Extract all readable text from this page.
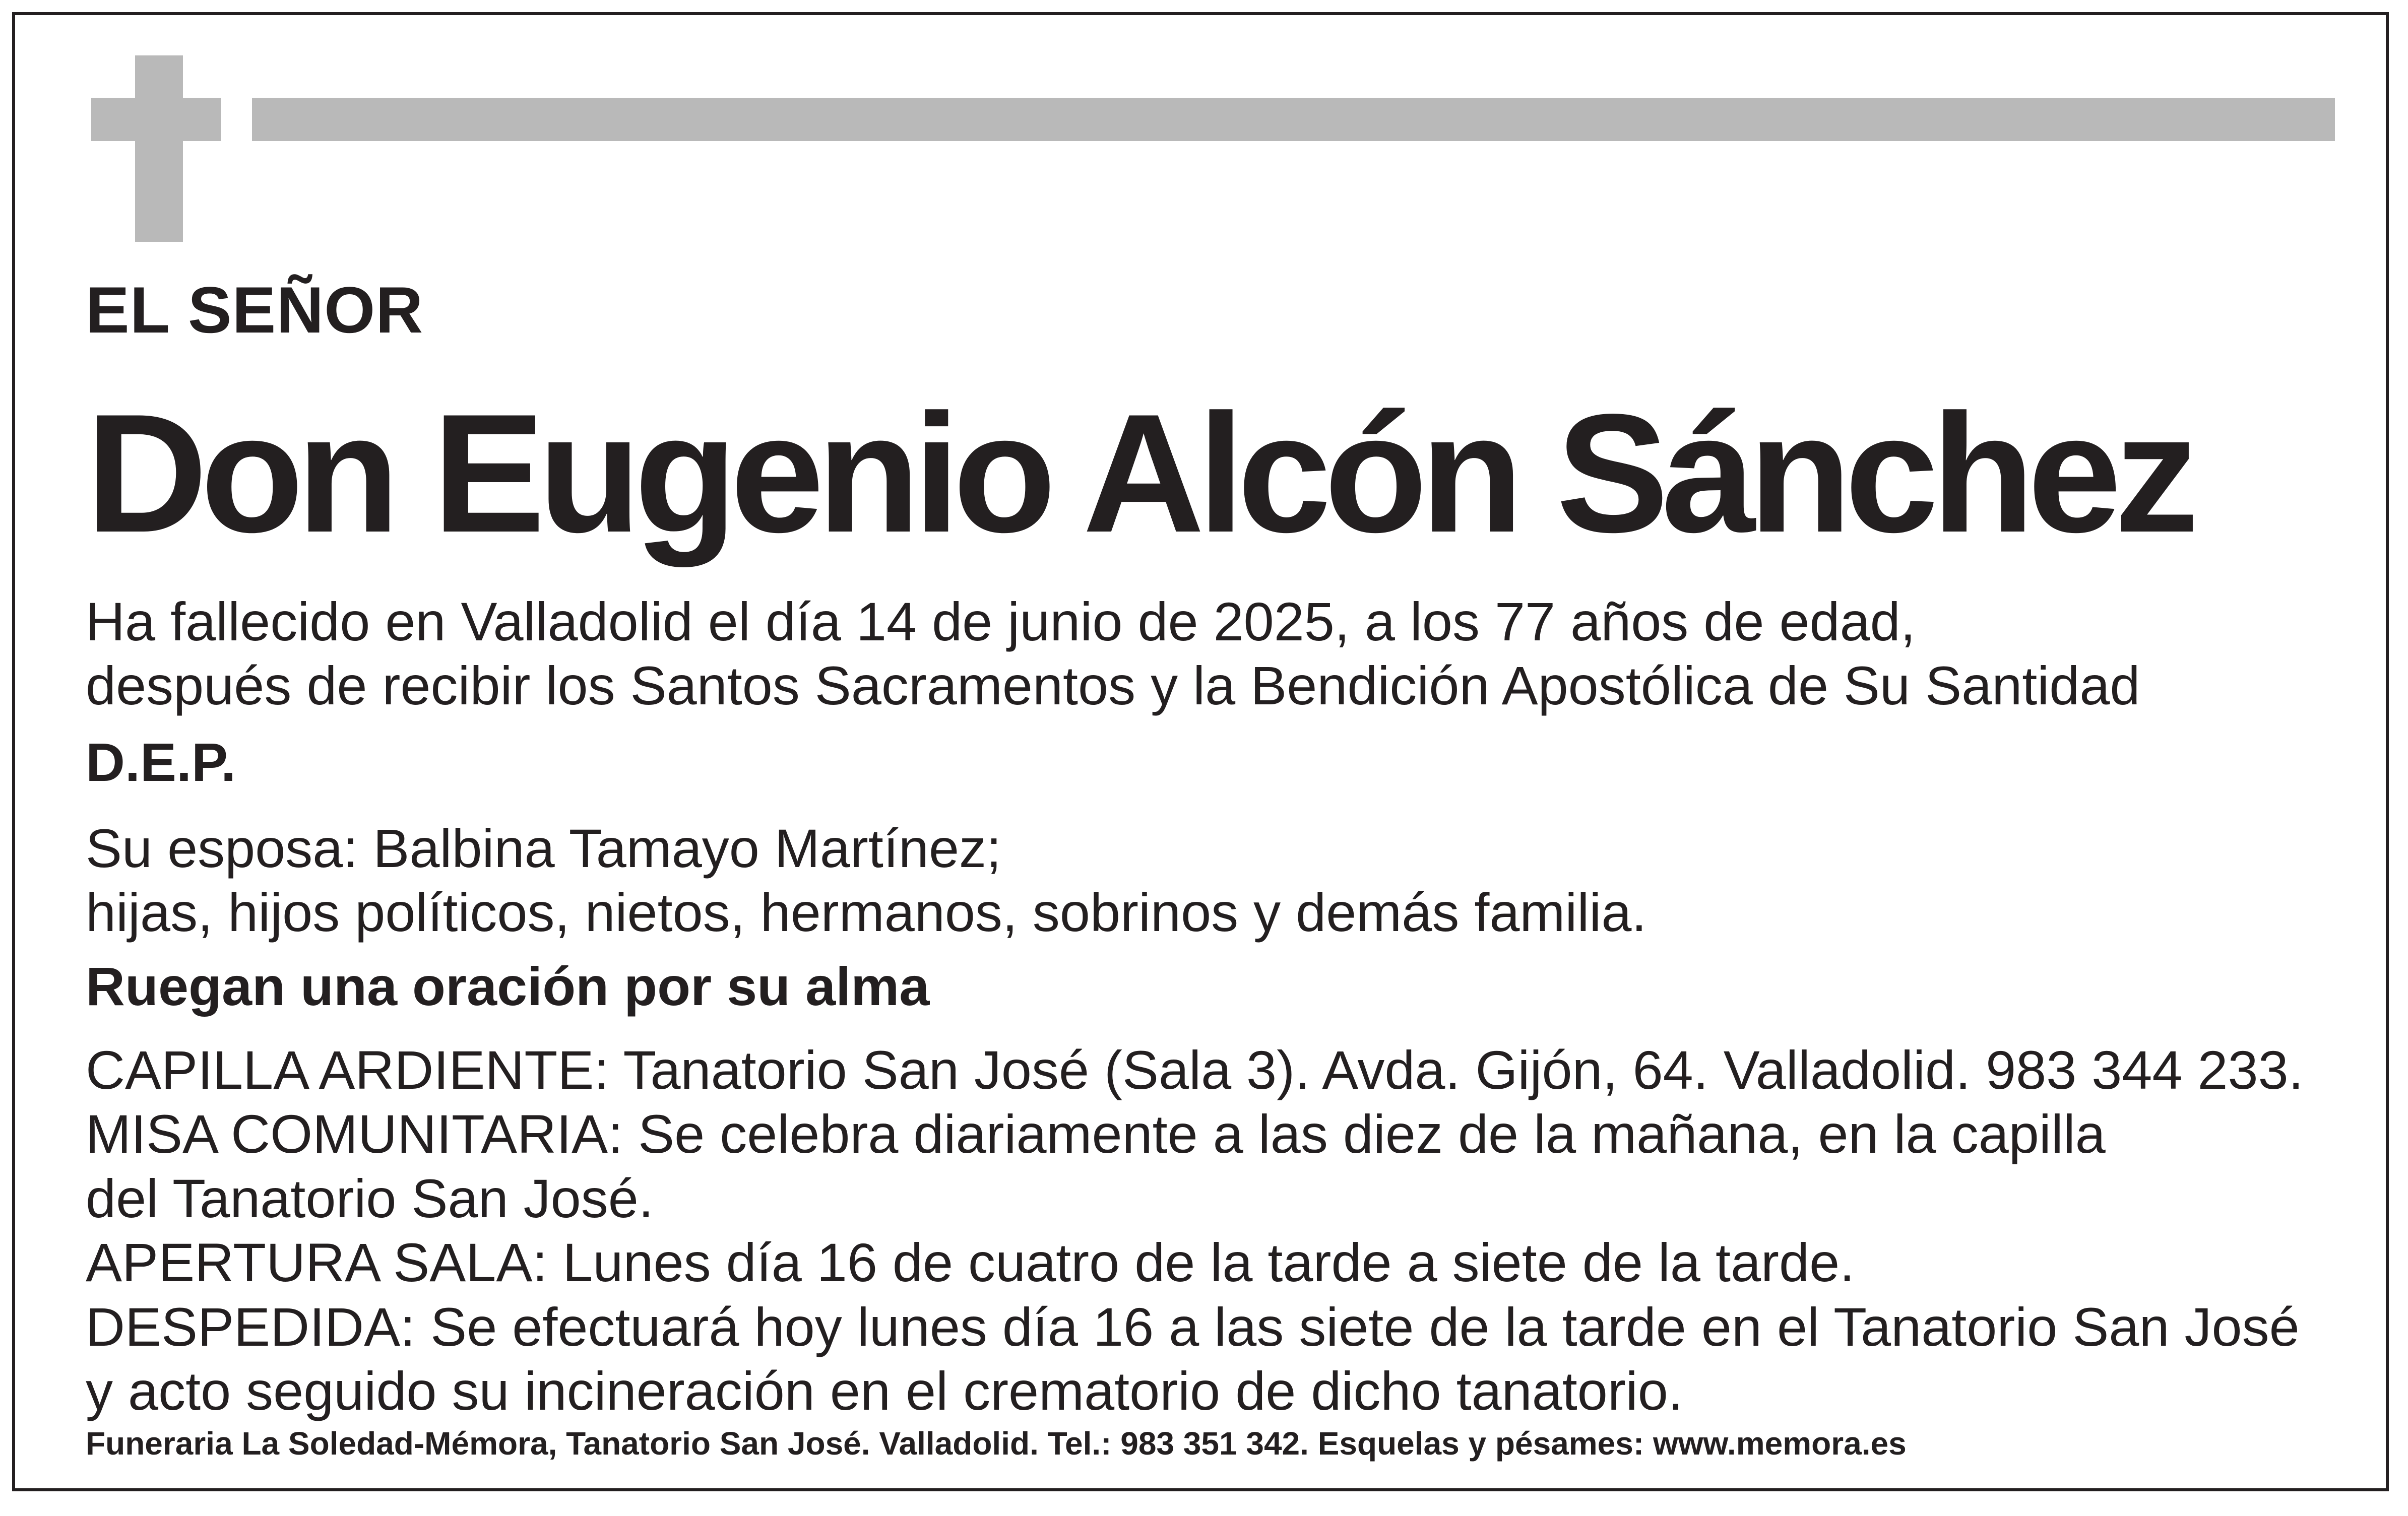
EL SEÑOR

Don Eugenio Alcón Sánchez
Ha fallecido en Valladolid el día 14 de junio de 2025, a los 77 años de edad,
después de recibir los Santos Sacramentos y la Bendición Apostólica de Su Santidad

D.E.P.

Su esposa: Balbina Tamayo Martínez;
hijas, hijos políticos, nietos, hermanos, sobrinos y demás familia.

Ruegan una oración por su alma

CAPILLA ARDIENTE: Tanatorio San José (Sala 3). Avda. Gijón, 64. Valladolid. 983 344 233.
MISA COMUNITARIA: Se celebra diariamente a las diez de la mañana, en la capilla
del Tanatorio San José.
APERTURA SALA: Lunes día 16 de cuatro de la tarde a siete de la tarde.
DESPEDIDA: Se efectuará hoy lunes día 16 a las siete de la tarde en el Tanatorio San José
y acto seguido su incineración en el crematorio de dicho tanatorio.

Funeraria La Soledad-Mémora, Tanatorio San José. Valladolid. Tel.: 983 351 342. Esquelas y pésames: www.memora.es
